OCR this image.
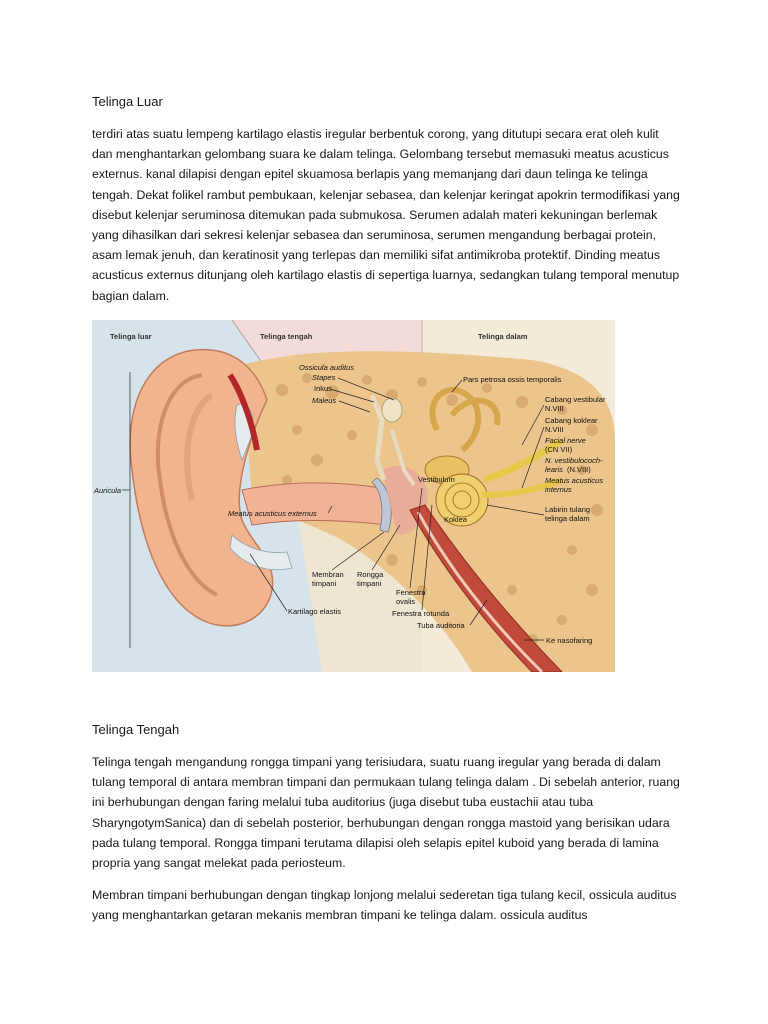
Telinga Luar

terdiri atas suatu lempeng kartilago elastis iregular berbentuk corong, yang ditutupi secara erat oleh kulit dan menghantarkan gelombang suara ke dalam telinga. Gelombang tersebut memasuki meatus acusticus externus. kanal dilapisi dengan epitel skuamosa berlapis yang memanjang dari daun telinga ke telinga tengah. Dekat folikel rambut pembukaan, kelenjar sebasea, dan kelenjar keringat apokrin termodifikasi yang disebut kelenjar seruminosa ditemukan pada submukosa. Serumen adalah materi kekuningan berlemak yang dihasilkan dari sekresi kelenjar sebasea dan seruminosa, serumen mengandung berbagai protein, asam lemak jenuh, dan keratinosit yang terlepas dan memiliki sifat antimikroba protektif. Dinding meatus acusticus externus ditunjang oleh kartilago elastis di sepertiga luarnya, sedangkan tulang temporal menutup bagian dalam.

Telinga luar	Telinga tengah	Telinga dalam
Ossicula auditus
Stapes
Inkus
Maleus
Pars petrosa ossis temporalis
Cabang vestibular
N.VIII
Cabang koklear
N.VIII
Facial nerve
(CN VII)
N. vestibulococh-
learis (N.VIII)
Meatus acusticus
internus
Labirin tulang
telinga dalam
Vestibulum
Koklea
Auricula
Meatus acusticus externus
Membran
timpani
Rongga
timpani
Fenestra
ovalis
Fenestra rotunda
Tuba auditoria
Kartilago elastis
Ke nasofaring
Telinga Tengah

Telinga tengah mengandung rongga timpani yang terisiudara, suatu ruang iregular yang berada di dalam tulang temporal di antara membran timpani dan permukaan tulang telinga dalam . Di sebelah anterior, ruang ini berhubungan dengan faring melalui tuba auditorius (juga disebut tuba eustachii atau tuba SharyngotymSanica) dan di sebelah posterior, berhubungan dengan rongga mastoid yang berisikan udara pada tulang temporal. Rongga timpani terutama dilapisi oleh selapis epitel kuboid yang berada di lamina propria yang sangat melekat pada periosteum.

Membran timpani berhubungan dengan tingkap lonjong melalui sederetan tiga tulang kecil, ossicula auditus yang menghantarkan getaran mekanis membran timpani ke telinga dalam. ossicula auditus
